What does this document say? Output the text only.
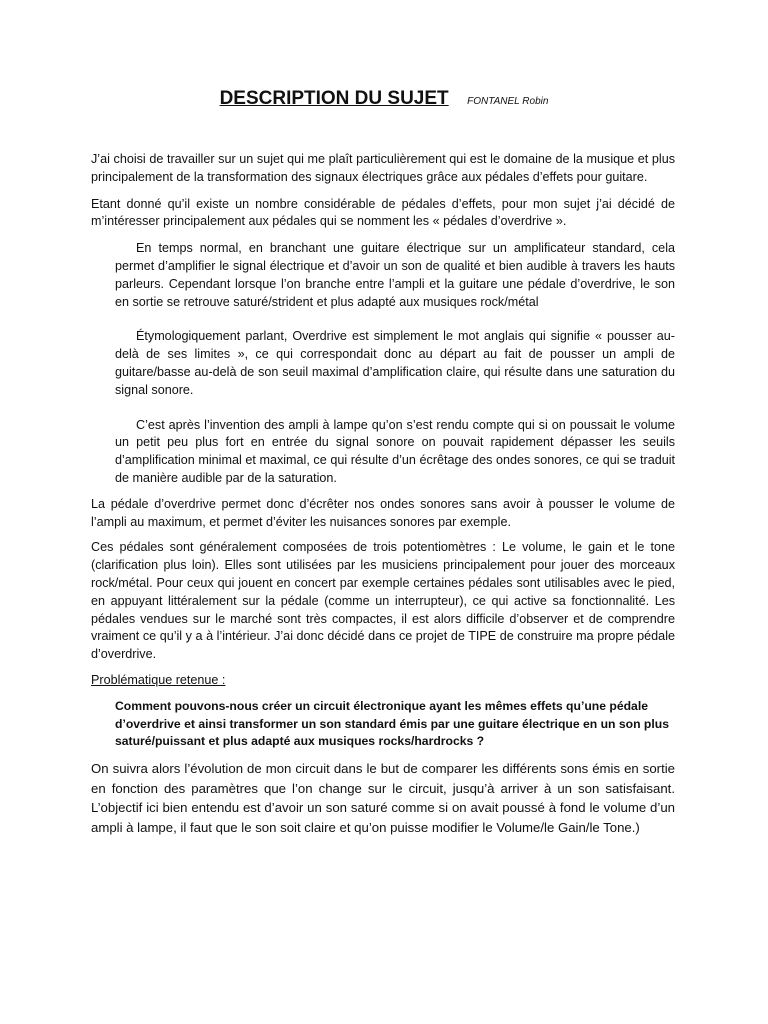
DESCRIPTION DU SUJET FONTANEL Robin

J’ai choisi de travailler sur un sujet qui me plaît particulièrement qui est le domaine de la musique et plus principalement de la transformation des signaux électriques grâce aux pédales d’effets pour guitare.

Etant donné qu’il existe un nombre considérable de pédales d’effets, pour mon sujet j’ai décidé de m’intéresser principalement aux pédales qui se nomment les « pédales d’overdrive ».

En temps normal, en branchant une guitare électrique sur un amplificateur standard, cela permet d’amplifier le signal électrique et d’avoir un son de qualité et bien audible à travers les hauts parleurs. Cependant lorsque l’on branche entre l’ampli et la guitare une pédale d’overdrive, le son en sortie se retrouve saturé/strident et plus adapté aux musiques rock/métal

Étymologiquement parlant, Overdrive est simplement le mot anglais qui signifie « pousser au-delà de ses limites », ce qui correspondait donc au départ au fait de pousser un ampli de guitare/basse au-delà de son seuil maximal d’amplification claire, qui résulte dans une saturation du signal sonore.

C’est après l’invention des ampli à lampe qu’on s’est rendu compte qui si on poussait le volume un petit peu plus fort en entrée du signal sonore on pouvait rapidement dépasser les seuils d’amplification minimal et maximal, ce qui résulte d’un écrêtage des ondes sonores, ce qui se traduit de manière audible par de la saturation.

La pédale d’overdrive permet donc d’écrêter nos ondes sonores sans avoir à pousser le volume de l’ampli au maximum, et permet d’éviter les nuisances sonores par exemple.

Ces pédales sont généralement composées de trois potentiomètres : Le volume, le gain et le tone (clarification plus loin). Elles sont utilisées par les musiciens principalement pour jouer des morceaux rock/métal. Pour ceux qui jouent en concert par exemple certaines pédales sont utilisables avec le pied, en appuyant littéralement sur la pédale (comme un interrupteur), ce qui active sa fonctionnalité. Les pédales vendues sur le marché sont très compactes, il est alors difficile d’observer et de comprendre vraiment ce qu’il y a à l’intérieur. J’ai donc décidé dans ce projet de TIPE de construire ma propre pédale d’overdrive.

Problématique retenue :

Comment pouvons-nous créer un circuit électronique ayant les mêmes effets qu’une pédale d’overdrive et ainsi transformer un son standard émis par une guitare électrique en un son plus saturé/puissant et plus adapté aux musiques rocks/hardrocks ?

On suivra alors l’évolution de mon circuit dans le but de comparer les différents sons émis en sortie en fonction des paramètres que l’on change sur le circuit, jusqu’à arriver à un son satisfaisant. L’objectif ici bien entendu est d’avoir un son saturé comme si on avait poussé à fond le volume d’un ampli à lampe, il faut que le son soit claire et qu’on puisse modifier le Volume/le Gain/le Tone.)
